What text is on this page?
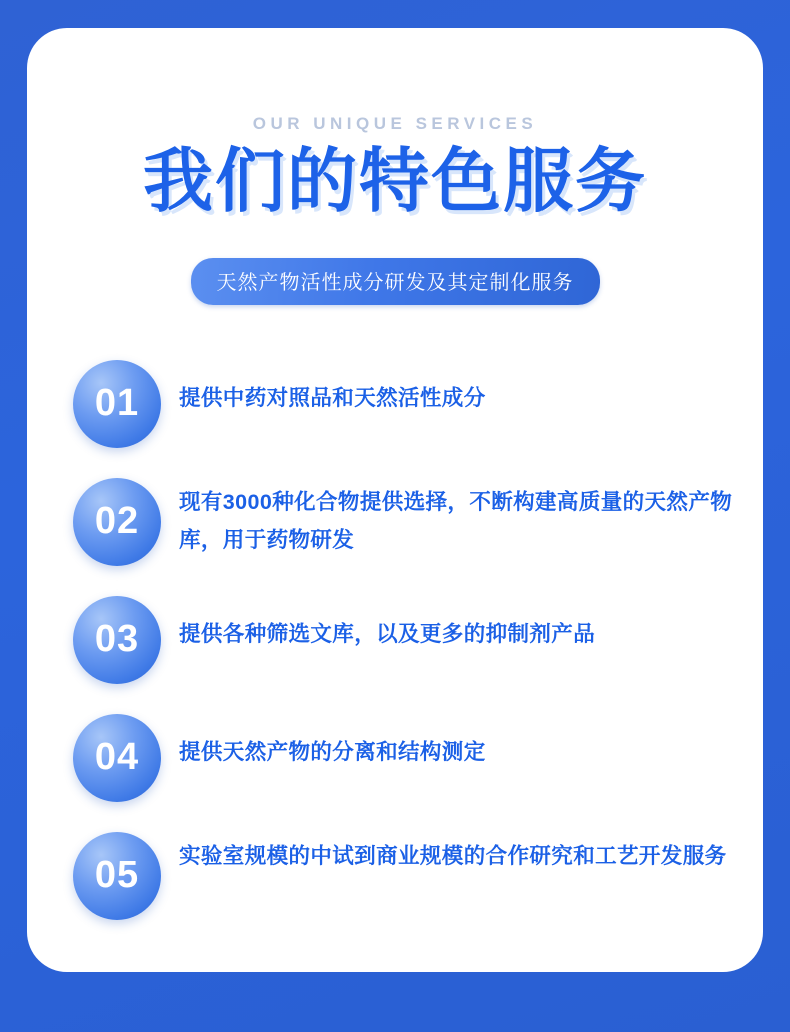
OUR UNIQUE SERVICES
我们的特色服务
天然产物活性成分研发及其定制化服务
01	提供中药对照品和天然活性成分
02	现有3000种化合物提供选择，不断构建高质量的天然产物库，用于药物研发
03	提供各种筛选文库，以及更多的抑制剂产品
04	提供天然产物的分离和结构测定
05	实验室规模的中试到商业规模的合作研究和工艺开发服务
